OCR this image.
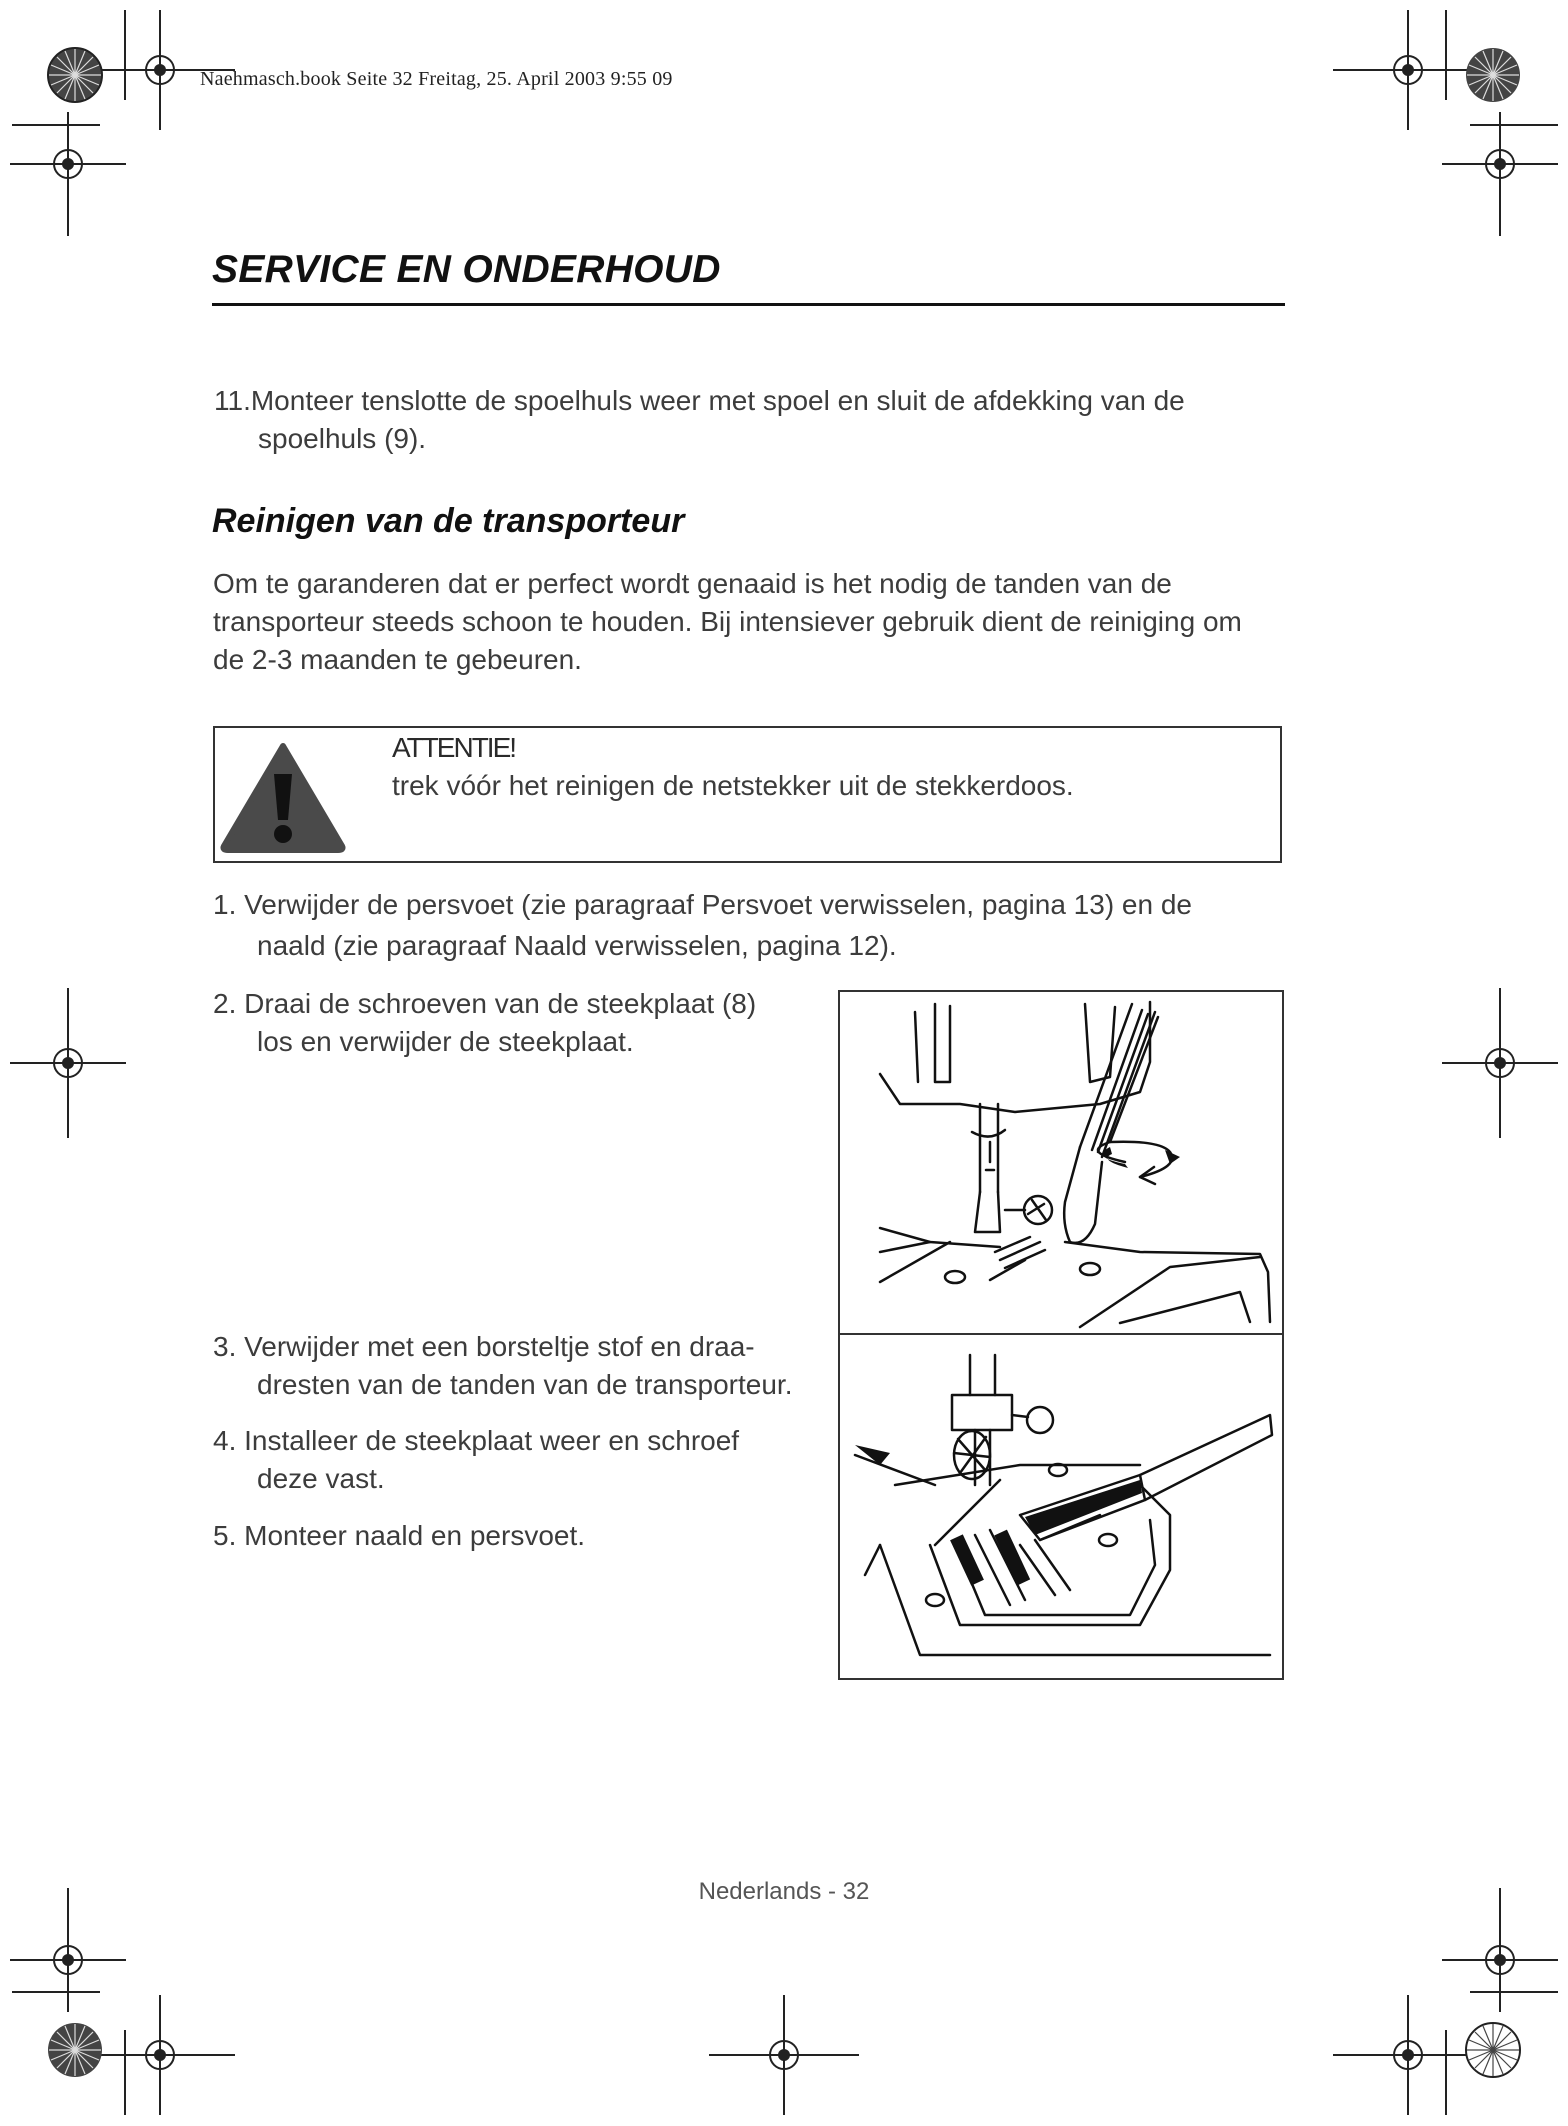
Naehmasch.book Seite 32 Freitag, 25. April 2003 9:55 09
SERVICE EN ONDERHOUD
11.Monteer tenslotte de spoelhuls weer met spoel en sluit de afdekking van de
spoelhuls (9).
Reinigen van de transporteur
Om te garanderen dat er perfect wordt genaaid is het nodig de tanden van de
transporteur steeds schoon te houden. Bij intensiever gebruik dient de reiniging om
de 2-3 maanden te gebeuren.
ATTENTIE!
trek vóór het reinigen de netstekker uit de stekkerdoos.
1. Verwijder de persvoet (zie paragraaf Persvoet verwisselen, pagina 13) en de
naald (zie paragraaf Naald verwisselen, pagina 12).
2. Draai de schroeven van de steekplaat (8)
los en verwijder de steekplaat.
3. Verwijder met een borsteltje stof en draa-
dresten van de tanden van de transporteur.
4. Installeer de steekplaat weer en schroef
deze vast.
5. Monteer naald en persvoet.
Nederlands - 32
